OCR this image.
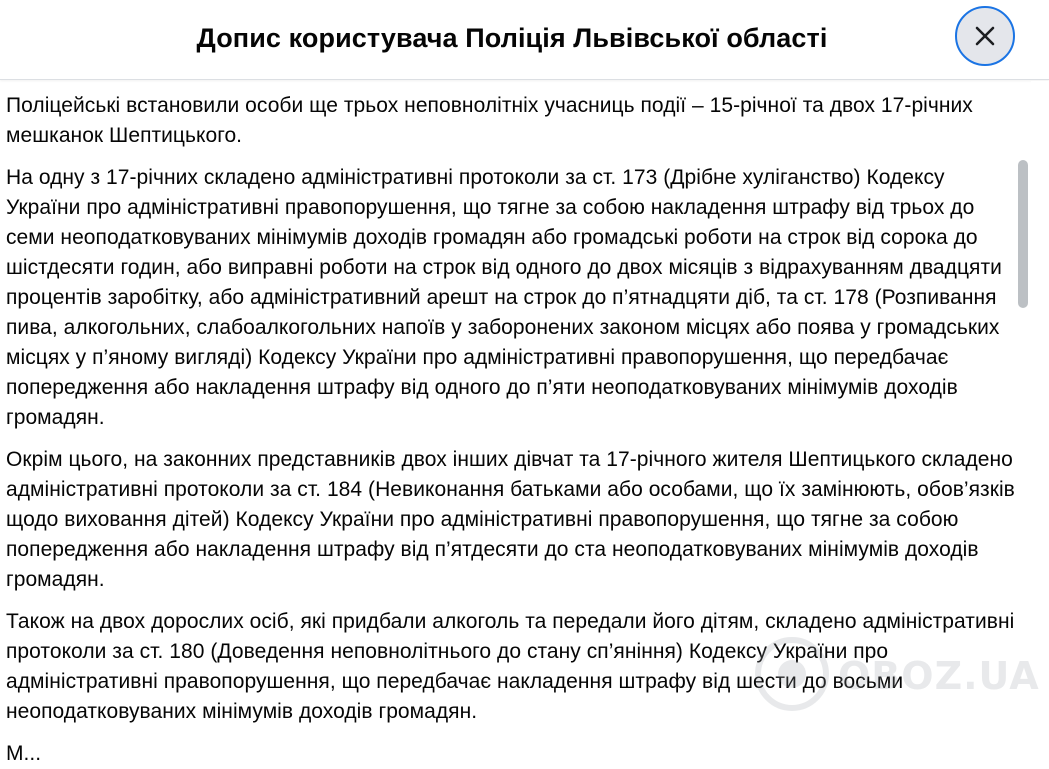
Допис користувача Поліція Львівської області

Поліцейські встановили особи ще трьох неповнолітніх учасниць події – 15-річної та двох 17-річних мешканок Шептицького.

На одну з 17-річних складено адміністративні протоколи за ст. 173 (Дрібне хуліганство) Кодексу України про адміністративні правопорушення, що тягне за собою накладення штрафу від трьох до семи неоподатковуваних мінімумів доходів громадян або громадські роботи на строк від сорока до шістдесяти годин, або виправні роботи на строк від одного до двох місяців з відрахуванням двадцяти процентів заробітку, або адміністративний арешт на строк до п’ятнадцяти діб, та ст. 178 (Розпивання пива, алкогольних, слабоалкогольних напоїв у заборонених законом місцях або поява у громадських місцях у п’яному вигляді) Кодексу України про адміністративні правопорушення, що передбачає попередження або накладення штрафу від одного до п’яти неоподатковуваних мінімумів доходів громадян.

Окрім цього, на законних представників двох інших дівчат та 17-річного жителя Шептицького складено адміністративні протоколи за ст. 184 (Невиконання батьками або особами, що їх замінюють, обов’язків щодо виховання дітей) Кодексу України про адміністративні правопорушення, що тягне за собою попередження або накладення штрафу від п’ятдесяти до ста неоподатковуваних мінімумів доходів громадян.

Також на двох дорослих осіб, які придбали алкоголь та передали його дітям, складено адміністративні протоколи за ст. 180 (Доведення неповнолітнього до стану сп’яніння) Кодексу України про адміністративні правопорушення, що передбачає накладення штрафу від шести до восьми неоподатковуваних мінімумів доходів громадян.

М...

OBOZ.UA
